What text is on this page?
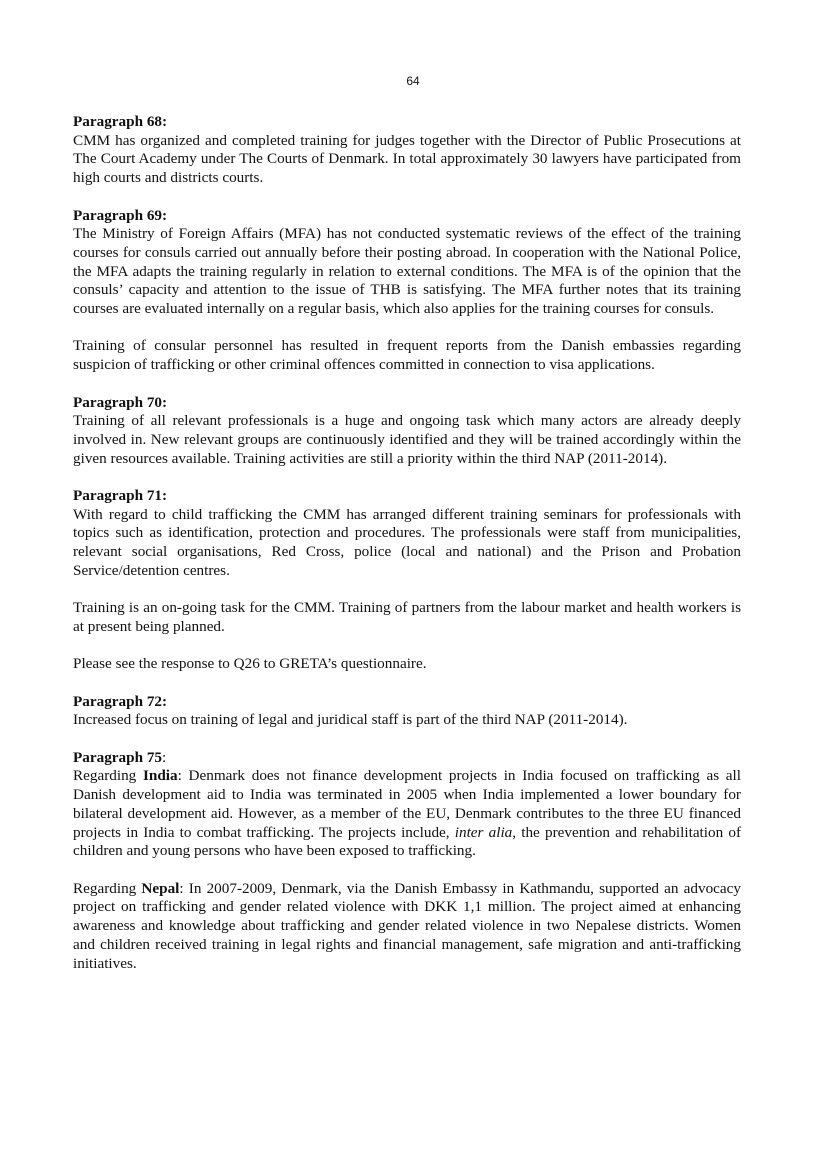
64
Paragraph 68:

CMM has organized and completed training for judges together with the Director of Public Prosecutions at The Court Academy under The Courts of Denmark. In total approximately 30 lawyers have participated from high courts and districts courts.

Paragraph 69:

The Ministry of Foreign Affairs (MFA) has not conducted systematic reviews of the effect of the training courses for consuls carried out annually before their posting abroad. In cooperation with the National Police, the MFA adapts the training regularly in relation to external conditions. The MFA is of the opinion that the consuls’ capacity and attention to the issue of THB is satisfying. The MFA further notes that its training courses are evaluated internally on a regular basis, which also applies for the training courses for consuls.

Training of consular personnel has resulted in frequent reports from the Danish embassies regarding suspicion of trafficking or other criminal offences committed in connection to visa applications.

Paragraph 70:

Training of all relevant professionals is a huge and ongoing task which many actors are already deeply involved in. New relevant groups are continuously identified and they will be trained accordingly within the given resources available. Training activities are still a priority within the third NAP (2011-2014).

Paragraph 71:

With regard to child trafficking the CMM has arranged different training seminars for professionals with topics such as identification, protection and procedures. The professionals were staff from municipalities, relevant social organisations, Red Cross, police (local and national) and the Prison and Probation Service/detention centres.

Training is an on-going task for the CMM. Training of partners from the labour market and health workers is at present being planned.

Please see the response to Q26 to GRETA’s questionnaire.

Paragraph 72:

Increased focus on training of legal and juridical staff is part of the third NAP (2011-2014).

Paragraph 75:

Regarding India: Denmark does not finance development projects in India focused on trafficking as all Danish development aid to India was terminated in 2005 when India implemented a lower boundary for bilateral development aid. However, as a member of the EU, Denmark contributes to the three EU financed projects in India to combat trafficking. The projects include, inter alia, the prevention and rehabilitation of children and young persons who have been exposed to trafficking.

Regarding Nepal: In 2007-2009, Denmark, via the Danish Embassy in Kathmandu, supported an advocacy project on trafficking and gender related violence with DKK 1,1 million. The project aimed at enhancing awareness and knowledge about trafficking and gender related violence in two Nepalese districts. Women and children received training in legal rights and financial management, safe migration and anti-trafficking initiatives.
